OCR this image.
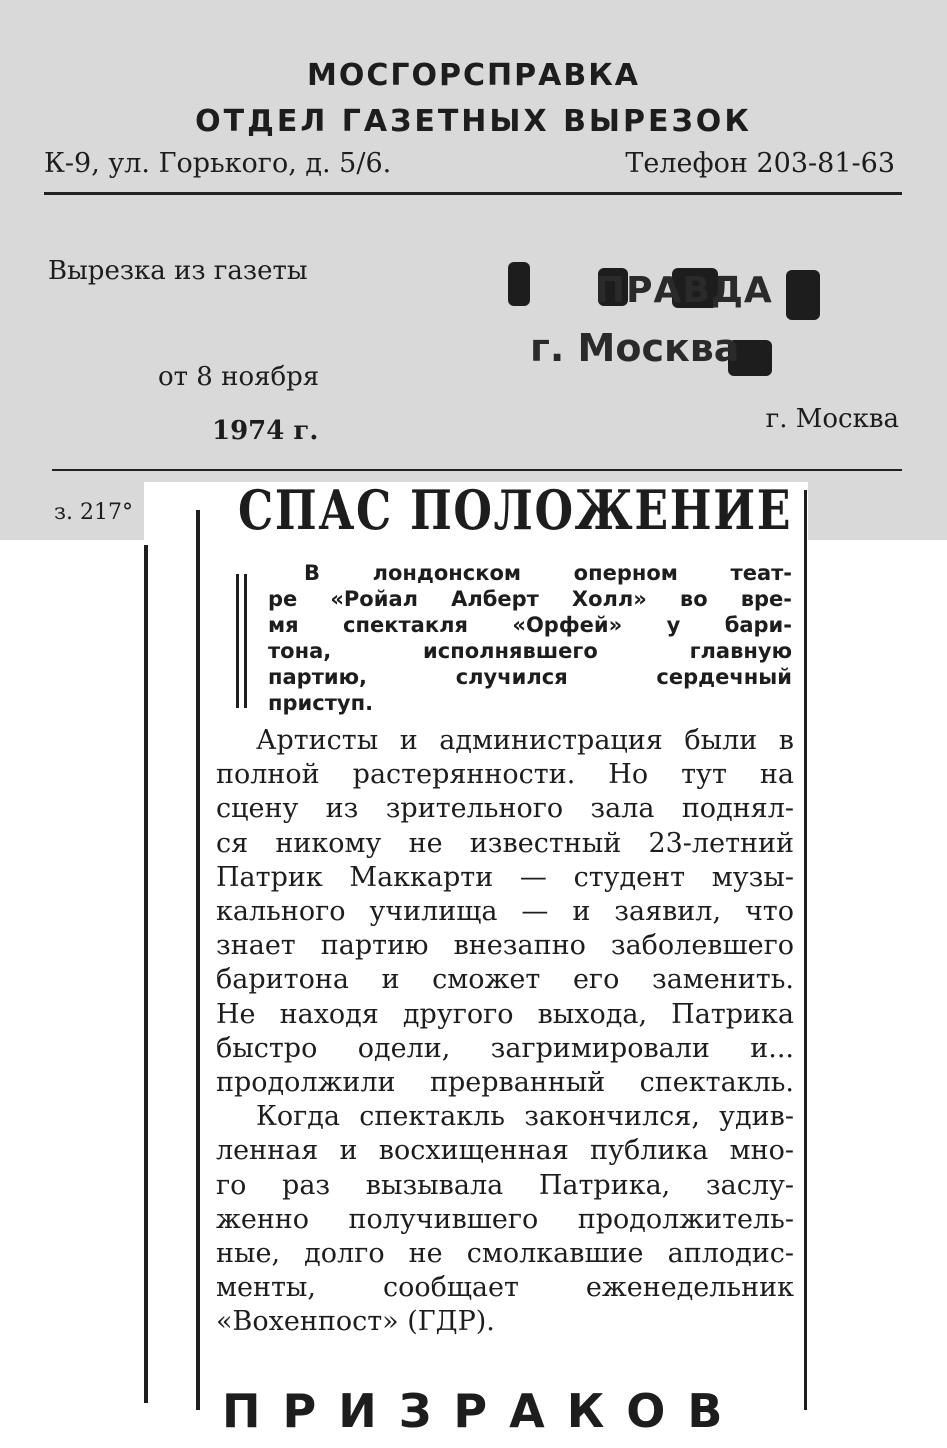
МОСГОРСПРАВКА
ОТДЕЛ ГАЗЕТНЫХ ВЫРЕЗОК
К-9, ул. Горького, д. 5/6.	Телефон 203-81-63
Вырезка из газеты
от 8 ноября
1974 г.	г. Москва
ПРАВДА
г. Москва
з. 217° СПАС ПОЛОЖЕНИЕ
В лондонском оперном теат-
ре «Ройал Алберт Холл» во вре-
мя спектакля «Орфей» у бари-
тона, исполнявшего главную
партию, случился сердечный
приступ.
Артисты и администрация были в
полной растерянности. Но тут на
сцену из зрительного зала поднял-
ся никому не известный 23-летний
Патрик Маккарти — студент музы-
кального училища — и заявил, что
знает партию внезапно заболевшего
баритона и сможет его заменить.
Не находя другого выхода, Патрика
быстро одели, загримировали и...
продолжили прерванный спектакль.
Когда спектакль закончился, удив-
ленная и восхищенная публика мно-
го раз вызывала Патрика, заслу-
женно получившего продолжитель-
ные, долго не смолкавшие аплодис-
менты, сообщает еженедельник
«Вохенпост» (ГДР).
ПРИЗРАКОВ
